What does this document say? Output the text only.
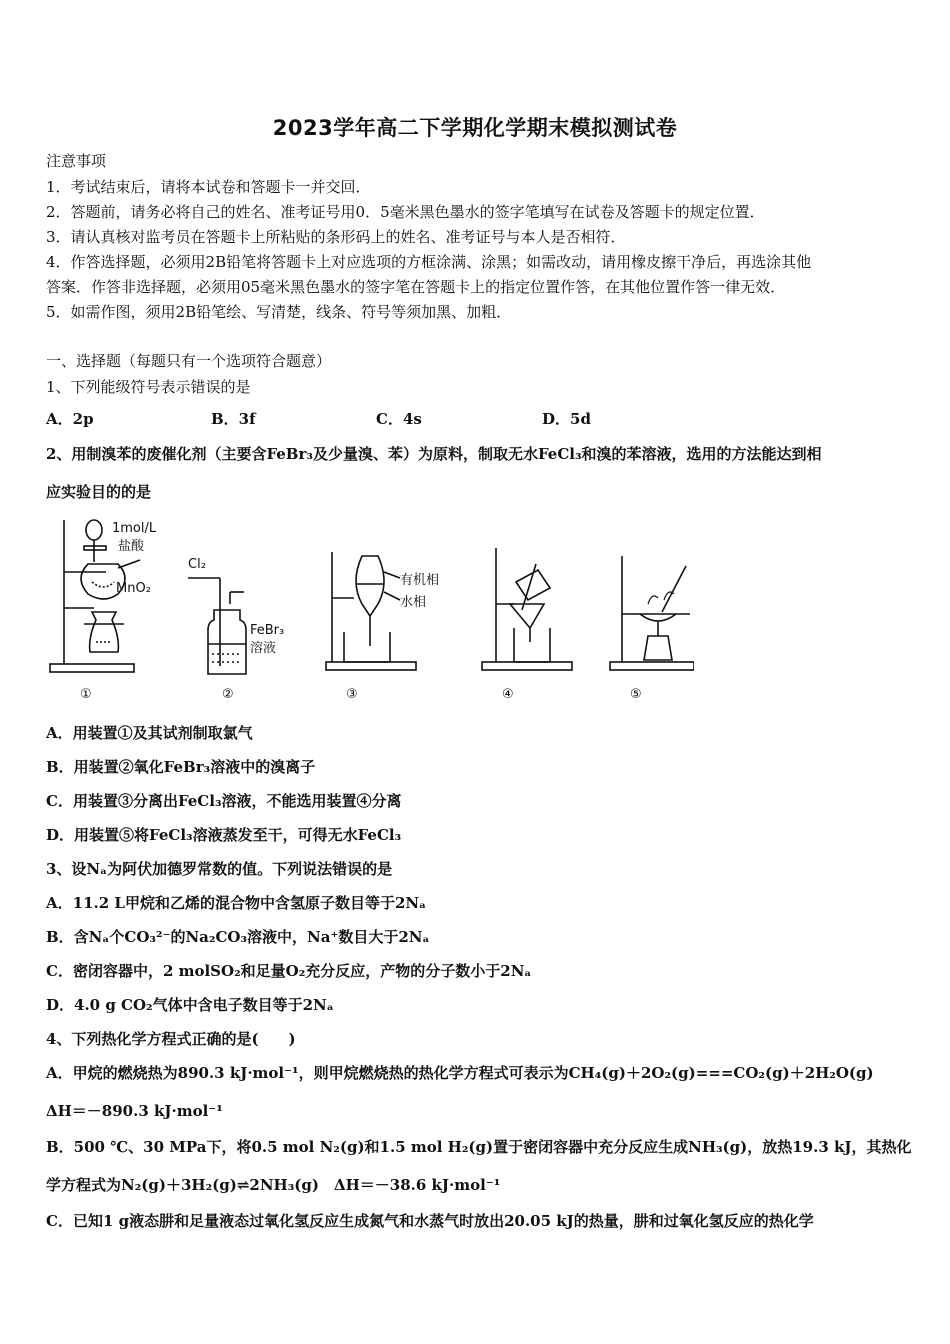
2023学年高二下学期化学期末模拟测试卷
注意事项
1．考试结束后，请将本试卷和答题卡一并交回．
2．答题前，请务必将自己的姓名、准考证号用0．5毫米黑色墨水的签字笔填写在试卷及答题卡的规定位置．
3．请认真核对监考员在答题卡上所粘贴的条形码上的姓名、准考证号与本人是否相符．
4．作答选择题，必须用2B铅笔将答题卡上对应选项的方框涂满、涂黑；如需改动，请用橡皮擦干净后，再选涂其他
答案．作答非选择题，必须用05毫米黑色墨水的签字笔在答题卡上的指定位置作答，在其他位置作答一律无效．
5．如需作图，须用2B铅笔绘、写清楚，线条、符号等须加黑、加粗．
一、选择题（每题只有一个选项符合题意）
1、下列能级符号表示错误的是
A．2p	B．3f	C．4s	D．5d
2、用制溴苯的废催化剂（主要含FeBr₃及少量溴、苯）为原料，制取无水FeCl₃和溴的苯溶液，选用的方法能达到相
应实验目的的是
1mol/L
盐酸
MnO₂
Cl₂
FeBr₃
溶液
有机相
水相
①	②	③	④	⑤
A．用装置①及其试剂制取氯气
B．用装置②氧化FeBr₃溶液中的溴离子
C．用装置③分离出FeCl₃溶液，不能选用装置④分离
D．用装置⑤将FeCl₃溶液蒸发至干，可得无水FeCl₃
3、设Nₐ为阿伏加德罗常数的值。下列说法错误的是
A．11.2 L甲烷和乙烯的混合物中含氢原子数目等于2Nₐ
B．含Nₐ个CO₃²⁻的Na₂CO₃溶液中，Na⁺数目大于2Nₐ
C．密闭容器中，2 molSO₂和足量O₂充分反应，产物的分子数小于2Nₐ
D．4.0 g CO₂气体中含电子数目等于2Nₐ
4、下列热化学方程式正确的是(　　)
A．甲烷的燃烧热为890.3 kJ·mol⁻¹，则甲烷燃烧热的热化学方程式可表示为CH₄(g)＋2O₂(g)===CO₂(g)＋2H₂O(g)
ΔH＝－890.3 kJ·mol⁻¹
B．500 ℃、30 MPa下，将0.5 mol N₂(g)和1.5 mol H₂(g)置于密闭容器中充分反应生成NH₃(g)，放热19.3 kJ，其热化
学方程式为N₂(g)＋3H₂(g)⇌2NH₃(g)　ΔH＝－38.6 kJ·mol⁻¹
C．已知1 g液态肼和足量液态过氧化氢反应生成氮气和水蒸气时放出20.05 kJ的热量，肼和过氧化氢反应的热化学
